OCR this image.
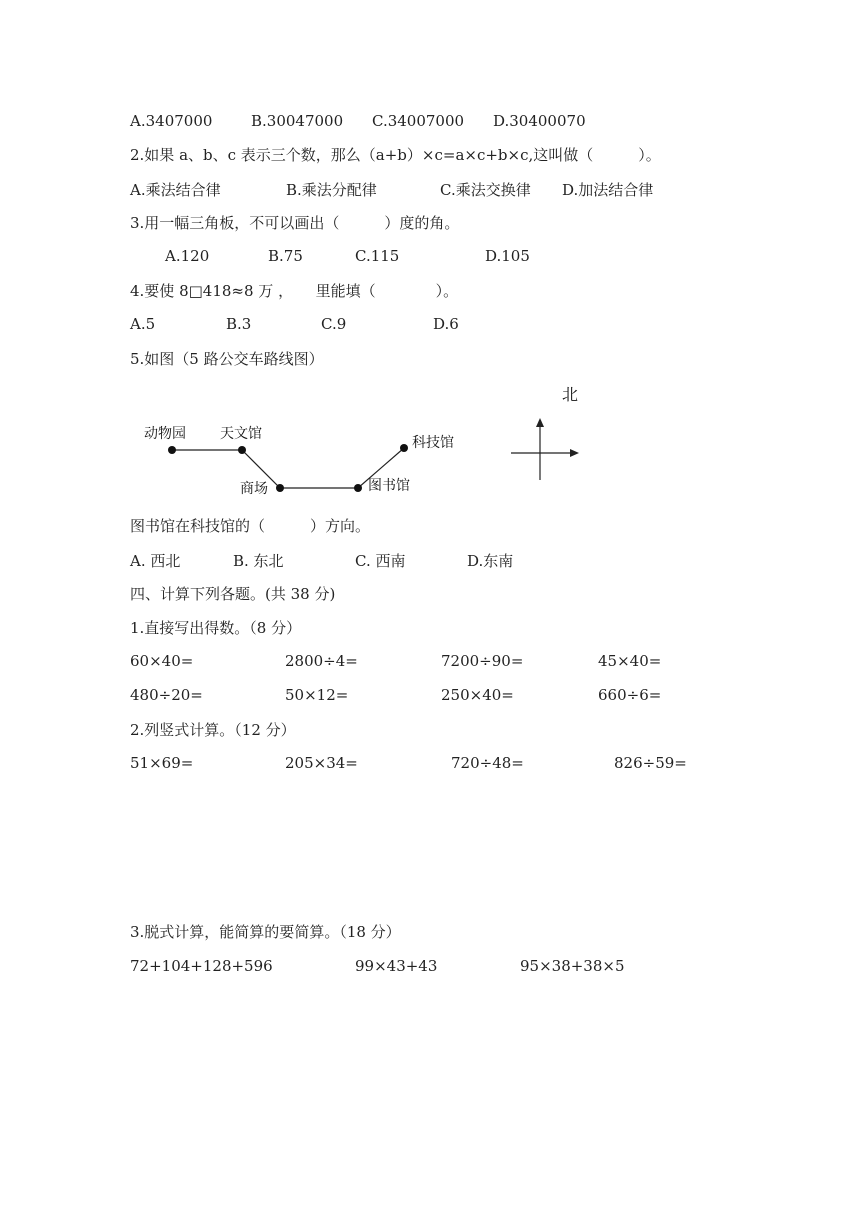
A.3407000	B.30047000 C.34007000 D.30400070
2.如果 a、b、c 表示三个数，那么（a+b）×c=a×c+b×c,这叫做（　　　）。
A.乘法结合律	B.乘法分配律	C.乘法交换律 D.加法结合律
3.用一幅三角板，不可以画出（　　　）度的角。
A.120	B.75	C.115	D.105
4.要使 8□418≈8 万 ，　　里能填（　　　　）。
A.5	B.3	C.9	D.6
5.如图（5 路公交车路线图）
动物园 天文馆
商场	图书馆
科技馆
北
图书馆在科技馆的（　　　）方向。
A. 西北	B. 东北	C. 西南	D.东南
四、计算下列各题。(共 38 分)
1.直接写出得数。（8 分）
60×40=	2800÷4=	7200÷90=	45×40=
480÷20=	50×12=	250×40=	660÷6=
2.列竖式计算。（12 分）
51×69=	205×34=	720÷48=	826÷59=
3.脱式计算，能简算的要简算。（18 分）
72+104+128+596	99×43+43	95×38+38×5
